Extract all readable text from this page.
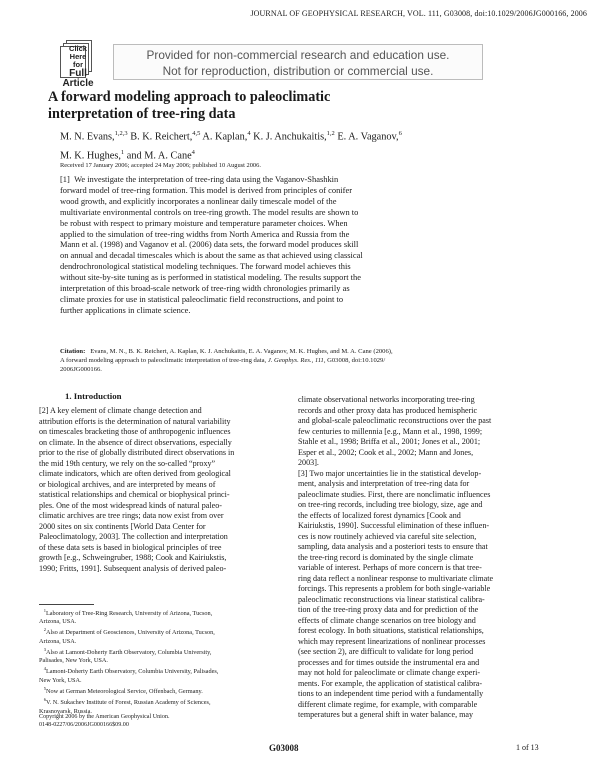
JOURNAL OF GEOPHYSICAL RESEARCH, VOL. 111, G03008, doi:10.1029/2006JG000166, 2006
Click
Here
for
Full
Article
Provided for non-commercial research and education use.
Not for reproduction, distribution or commercial use.
A forward modeling approach to paleoclimatic
interpretation of tree-ring data
M. N. Evans,$^{1,2,3}$ B. K. Reichert,$^{4,5}$ A. Kaplan,$^4$ K. J. Anchukaitis,$^{1,2}$ E. A. Vaganov,$^6$
M. K. Hughes,$^1$ and M. A. Cane$^4$
Received 17 January 2006; accepted 24 May 2006; published 10 August 2006.
[1] We investigate the interpretation of tree-ring data using the Vaganov-Shashkin
forward model of tree-ring formation. This model is derived from principles of conifer
wood growth, and explicitly incorporates a nonlinear daily timescale model of the
multivariate environmental controls on tree-ring growth. The model results are shown to
be robust with respect to primary moisture and temperature parameter choices. When
applied to the simulation of tree-ring widths from North America and Russia from the
Mann et al. (1998) and Vaganov et al. (2006) data sets, the forward model produces skill
on annual and decadal timescales which is about the same as that achieved using classical
dendrochronological statistical modeling techniques. The forward model achieves this
without site-by-site tuning as is performed in statistical modeling. The results support the
interpretation of this broad-scale network of tree-ring width chronologies primarily as
climate proxies for use in statistical paleoclimatic field reconstructions, and point to
further applications in climate science.
Citation: Evans, M. N., B. K. Reichert, A. Kaplan, K. J. Anchukaitis, E. A. Vaganov, M. K. Hughes, and M. A. Cane (2006),
A forward modeling approach to paleoclimatic interpretation of tree-ring data, J. Geophys. Res., 111, G03008, doi:10.1029/
2006JG000166.
1. Introduction
[2] A key element of climate change detection and
attribution efforts is the determination of natural variability
on timescales bracketing those of anthropogenic influences
on climate. In the absence of direct observations, especially
prior to the rise of globally distributed direct observations in
the mid 19th century, we rely on the so-called “proxy”
climate indicators, which are often derived from geological
or biological archives, and are interpreted by means of
statistical relationships and chemical or biophysical princi-
ples. One of the most widespread kinds of natural paleo-
climatic archives are tree rings; data now exist from over
2000 sites on six continents [World Data Center for
Paleoclimatology, 2003]. The collection and interpretation
of these data sets is based in biological principles of tree
growth [e.g., Schweingruber, 1988; Cook and Kairiukstis,
1990; Fritts, 1991]. Subsequent analysis of derived paleo-
climate observational networks incorporating tree-ring
records and other proxy data has produced hemispheric
and global-scale paleoclimatic reconstructions over the past
few centuries to millennia [e.g., Mann et al., 1998, 1999;
Stahle et al., 1998; Briffa et al., 2001; Jones et al., 2001;
Esper et al., 2002; Cook et al., 2002; Mann and Jones,
2003].
[3] Two major uncertainties lie in the statistical develop-
ment, analysis and interpretation of tree-ring data for
paleoclimate studies. First, there are nonclimatic influences
on tree-ring records, including tree biology, size, age and
the effects of localized forest dynamics [Cook and
Kairiukstis, 1990]. Successful elimination of these influen-
ces is now routinely achieved via careful site selection,
sampling, data analysis and a posteriori tests to ensure that
the tree-ring record is dominated by the single climate
variable of interest. Perhaps of more concern is that tree-
ring data reflect a nonlinear response to multivariate climate
forcings. This represents a problem for both single-variable
paleoclimatic reconstructions via linear statistical calibra-
tion of the tree-ring proxy data and for prediction of the
effects of climate change scenarios on tree biology and
forest ecology. In both situations, statistical relationships,
which may represent linearizations of nonlinear processes
(see section 2), are difficult to validate for long period
processes and for times outside the instrumental era and
may not hold for paleoclimate or climate change experi-
ments. For example, the application of statistical calibra-
tions to an independent time period with a fundamentally
different climate regime, for example, with comparable
temperatures but a general shift in water balance, may
$^1$Laboratory of Tree-Ring Research, University of Arizona, Tucson,
Arizona, USA.
$^2$Also at Department of Geosciences, University of Arizona, Tucson,
Arizona, USA.
$^3$Also at Lamont-Doherty Earth Observatory, Columbia University,
Palisades, New York, USA.
$^4$Lamont-Doherty Earth Observatory, Columbia University, Palisades,
New York, USA.
$^5$Now at German Meteorological Service, Offenbach, Germany.
$^6$V. N. Sukachev Institute of Forest, Russian Academy of Sciences,
Krasnoyarsk, Russia.
Copyright 2006 by the American Geophysical Union.
0148-0227/06/2006JG000166$09.00
G03008	1 of 13
